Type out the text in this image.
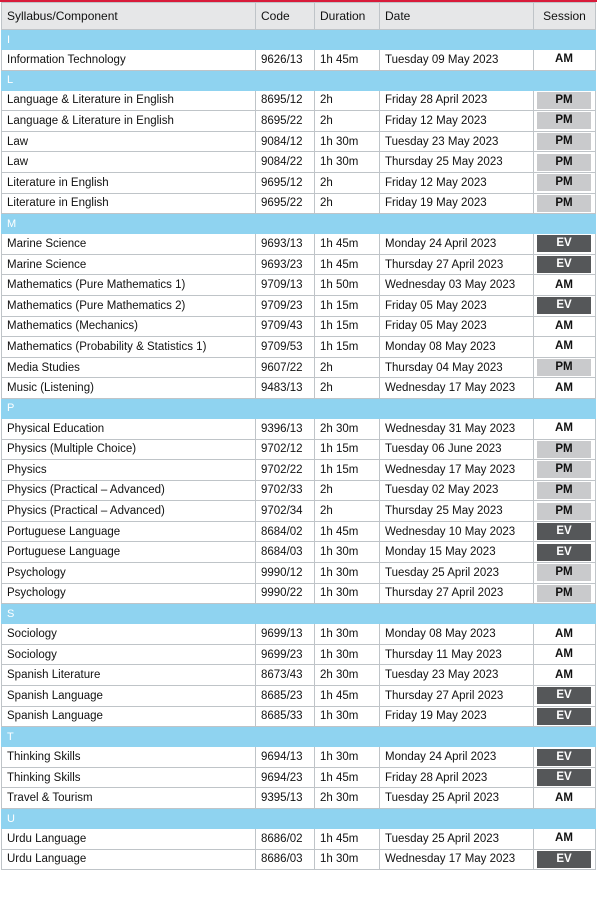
Syllabus/Component	Code	Duration	Date	Session
I				
Information Technology	9626/13	1h 45m	Tuesday 09 May 2023	AM

L				
Language & Literature in English	8695/12	2h	Friday 28 April 2023	PM

Language & Literature in English	8695/22	2h	Friday 12 May 2023	PM

Law	9084/12	1h 30m	Tuesday 23 May 2023	PM

Law	9084/22	1h 30m	Thursday 25 May 2023	PM

Literature in English	9695/12	2h	Friday 12 May 2023	PM

Literature in English	9695/22	2h	Friday 19 May 2023	PM

M				
Marine Science	9693/13	1h 45m	Monday 24 April 2023	EV

Marine Science	9693/23	1h 45m	Thursday 27 April 2023	EV

Mathematics (Pure Mathematics 1)	9709/13	1h 50m	Wednesday 03 May 2023	AM

Mathematics (Pure Mathematics 2)	9709/23	1h 15m	Friday 05 May 2023	EV

Mathematics (Mechanics)	9709/43	1h 15m	Friday 05 May 2023	AM

Mathematics (Probability & Statistics 1)	9709/53	1h 15m	Monday 08 May 2023	AM

Media Studies	9607/22	2h	Thursday 04 May 2023	PM

Music (Listening)	9483/13	2h	Wednesday 17 May 2023	AM

P				
Physical Education	9396/13	2h 30m	Wednesday 31 May 2023	AM

Physics (Multiple Choice)	9702/12	1h 15m	Tuesday 06 June 2023	PM

Physics	9702/22	1h 15m	Wednesday 17 May 2023	PM

Physics (Practical – Advanced)	9702/33	2h	Tuesday 02 May 2023	PM

Physics (Practical – Advanced)	9702/34	2h	Thursday 25 May 2023	PM

Portuguese Language	8684/02	1h 45m	Wednesday 10 May 2023	EV

Portuguese Language	8684/03	1h 30m	Monday 15 May 2023	EV

Psychology	9990/12	1h 30m	Tuesday 25 April 2023	PM

Psychology	9990/22	1h 30m	Thursday 27 April 2023	PM

S				
Sociology	9699/13	1h 30m	Monday 08 May 2023	AM

Sociology	9699/23	1h 30m	Thursday 11 May 2023	AM

Spanish Literature	8673/43	2h 30m	Tuesday 23 May 2023	AM

Spanish Language	8685/23	1h 45m	Thursday 27 April 2023	EV

Spanish Language	8685/33	1h 30m	Friday 19 May 2023	EV

T				
Thinking Skills	9694/13	1h 30m	Monday 24 April 2023	EV

Thinking Skills	9694/23	1h 45m	Friday 28 April 2023	EV

Travel & Tourism	9395/13	2h 30m	Tuesday 25 April 2023	AM

U				
Urdu Language	8686/02	1h 45m	Tuesday 25 April 2023	AM

Urdu Language	8686/03	1h 30m	Wednesday 17 May 2023	EV
知乎 @IB课程助手
